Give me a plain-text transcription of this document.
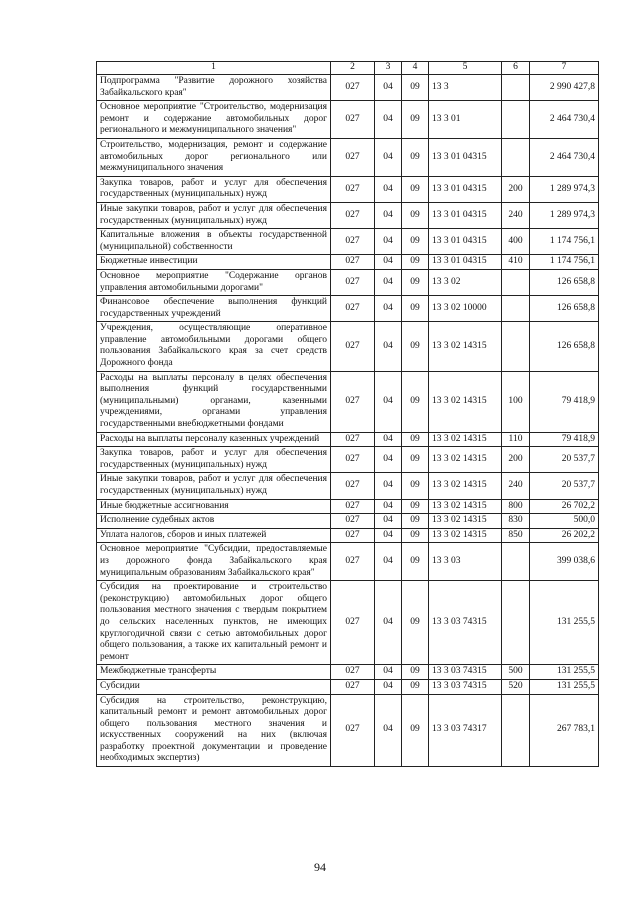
1	2	3	4	5	6	7
Подпрограмма "Развитие дорожного хозяйства Забайкальского края"	027	04	09	13 3		2 990 427,8
Основное мероприятие "Строительство, модернизация ремонт и содержание автомобильных дорог регионального и межмуниципального значения"	027	04	09	13 3 01		2 464 730,4
Строительство, модернизация, ремонт и содержание автомобильных дорог регионального или межмуниципального значения	027	04	09	13 3 01 04315		2 464 730,4
Закупка товаров, работ и услуг для обеспечения государственных (муниципальных) нужд	027	04	09	13 3 01 04315	200	1 289 974,3
Иные закупки товаров, работ и услуг для обеспечения государственных (муниципальных) нужд	027	04	09	13 3 01 04315	240	1 289 974,3
Капитальные вложения в объекты государственной (муниципальной) собственности	027	04	09	13 3 01 04315	400	1 174 756,1
Бюджетные инвестиции	027	04	09	13 3 01 04315	410	1 174 756,1
Основное мероприятие "Содержание органов управления автомобильными дорогами"	027	04	09	13 3 02		126 658,8
Финансовое обеспечение выполнения функций государственных учреждений	027	04	09	13 3 02 10000		126 658,8
Учреждения, осуществляющие оперативное управление автомобильными дорогами общего пользования Забайкальского края за счет средств Дорожного фонда	027	04	09	13 3 02 14315		126 658,8
Расходы на выплаты персоналу в целях обеспечения выполнения функций государственными (муниципальными) органами, казенными учреждениями, органами управления государственными внебюджетными фондами	027	04	09	13 3 02 14315	100	79 418,9
Расходы на выплаты персоналу казенных учреждений	027	04	09	13 3 02 14315	110	79 418,9
Закупка товаров, работ и услуг для обеспечения государственных (муниципальных) нужд	027	04	09	13 3 02 14315	200	20 537,7
Иные закупки товаров, работ и услуг для обеспечения государственных (муниципальных) нужд	027	04	09	13 3 02 14315	240	20 537,7
Иные бюджетные ассигнования	027	04	09	13 3 02 14315	800	26 702,2
Исполнение судебных актов	027	04	09	13 3 02 14315	830	500,0
Уплата налогов, сборов и иных платежей	027	04	09	13 3 02 14315	850	26 202,2
Основное мероприятие "Субсидии, предоставляемые из дорожного фонда Забайкальского края муниципальным образованиям Забайкальского края"	027	04	09	13 3 03		399 038,6
Субсидия на проектирование и строительство (реконструкцию) автомобильных дорог общего пользования местного значения с твердым покрытием до сельских населенных пунктов, не имеющих круглогодичной связи с сетью автомобильных дорог общего пользования, а также их капитальный ремонт и ремонт	027	04	09	13 3 03 74315		131 255,5
Межбюджетные трансферты	027	04	09	13 3 03 74315	500	131 255,5
Субсидии	027	04	09	13 3 03 74315	520	131 255,5
Субсидия на строительство, реконструкцию, капитальный ремонт и ремонт автомобильных дорог общего пользования местного значения и искусственных сооружений на них (включая разработку проектной документации и проведение необходимых экспертиз)	027	04	09	13 3 03 74317		267 783,1
94
